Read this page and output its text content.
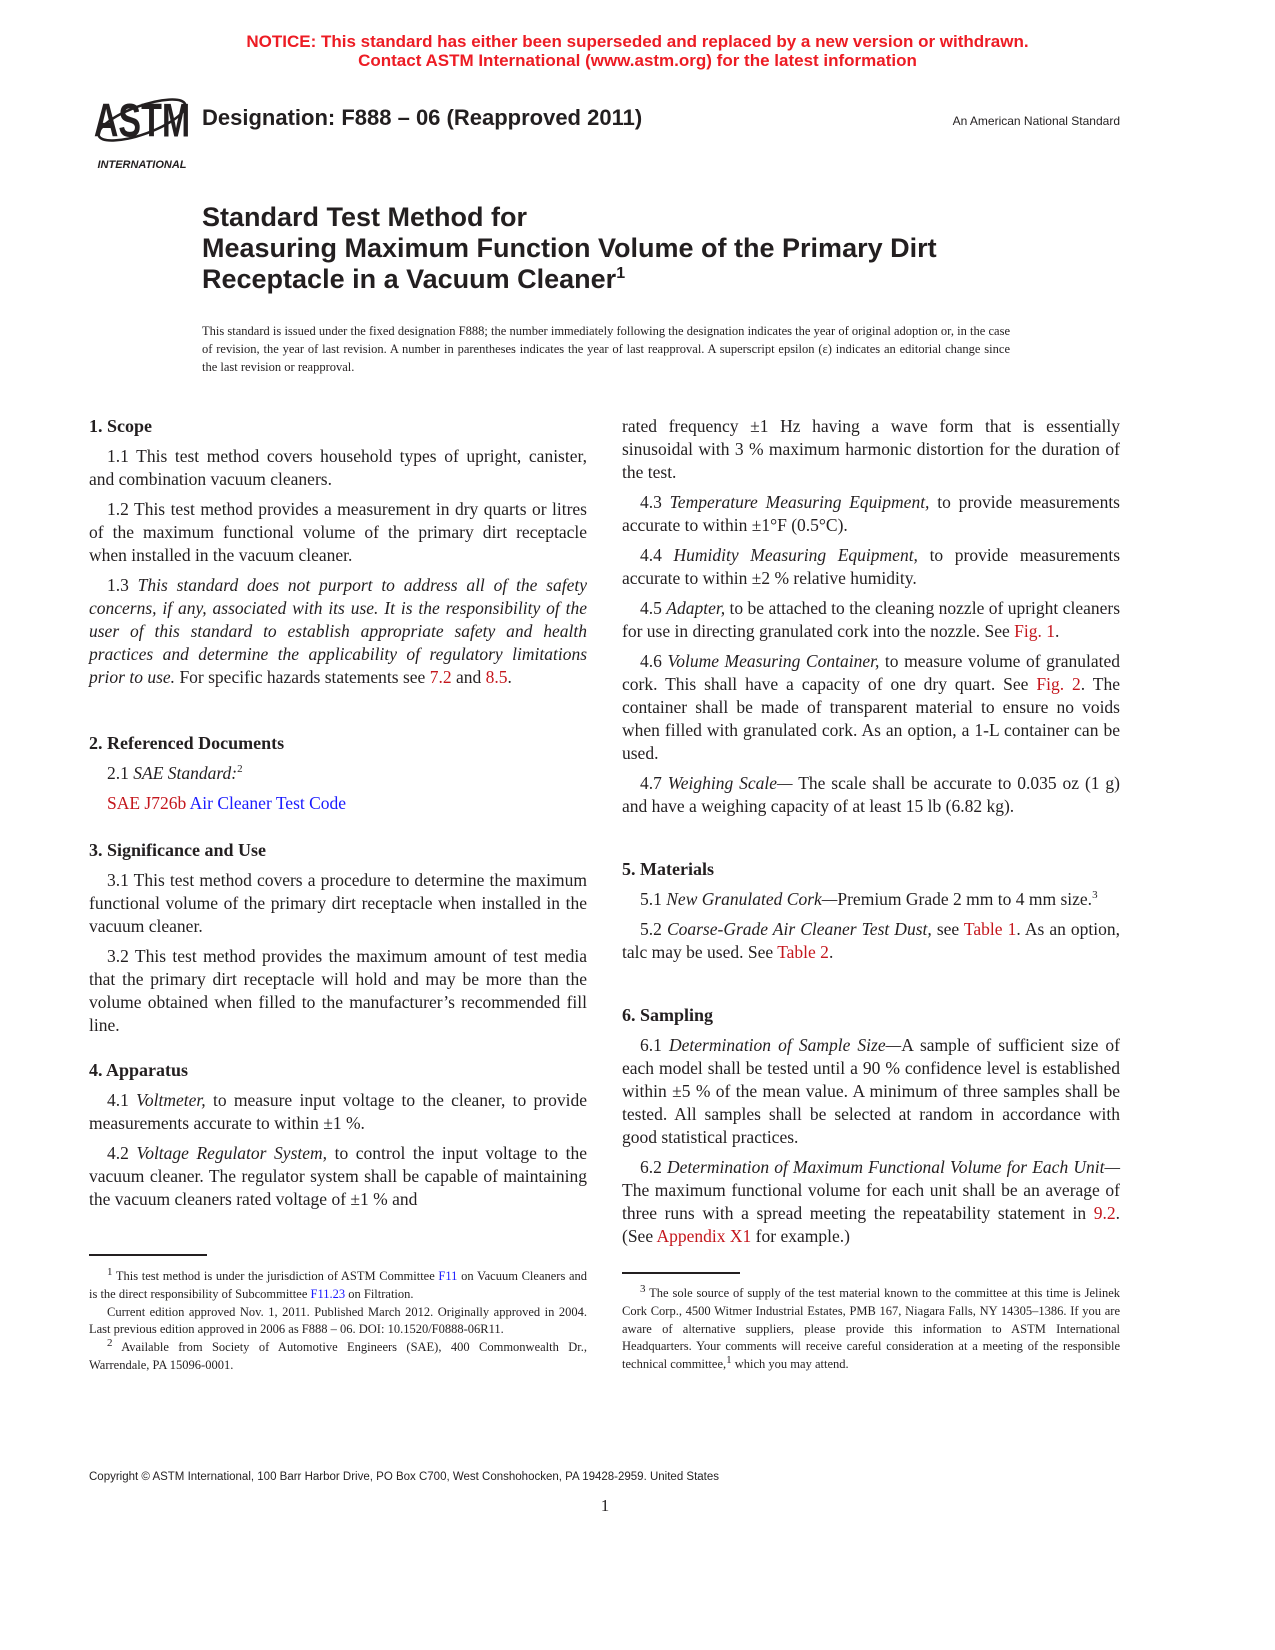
NOTICE: This standard has either been superseded and replaced by a new version or withdrawn.
Contact ASTM International (www.astm.org) for the latest information
ASTM
INTERNATIONAL
Designation: F888 – 06 (Reapproved 2011)	An American National Standard
Standard Test Method for
Measuring Maximum Function Volume of the Primary Dirt
Receptacle in a Vacuum Cleaner$^1$
This standard is issued under the fixed designation F888; the number immediately following the designation indicates the year of original adoption or, in the case of revision, the year of last revision. A number in parentheses indicates the year of last reapproval. A superscript epsilon (ε) indicates an editorial change since the last revision or reapproval.
1. Scope
1.1 This test method covers household types of upright, canister, and combination vacuum cleaners.
1.2 This test method provides a measurement in dry quarts or litres of the maximum functional volume of the primary dirt receptacle when installed in the vacuum cleaner.
1.3 This standard does not purport to address all of the safety concerns, if any, associated with its use. It is the responsibility of the user of this standard to establish appropriate safety and health practices and determine the applicability of regulatory limitations prior to use. For specific hazards statements see 7.2 and 8.5.
2. Referenced Documents
2.1 SAE Standard:$^2$
SAE J726b Air Cleaner Test Code
3. Significance and Use
3.1 This test method covers a procedure to determine the maximum functional volume of the primary dirt receptacle when installed in the vacuum cleaner.
3.2 This test method provides the maximum amount of test media that the primary dirt receptacle will hold and may be more than the volume obtained when filled to the manufacturer’s recommended fill line.
4. Apparatus
4.1 Voltmeter, to measure input voltage to the cleaner, to provide measurements accurate to within ±1 %.
4.2 Voltage Regulator System, to control the input voltage to the vacuum cleaner. The regulator system shall be capable of maintaining the vacuum cleaners rated voltage of ±1 % and
rated frequency ±1 Hz having a wave form that is essentially sinusoidal with 3 % maximum harmonic distortion for the duration of the test.
4.3 Temperature Measuring Equipment, to provide measurements accurate to within ±1°F (0.5°C).
4.4 Humidity Measuring Equipment, to provide measurements accurate to within ±2 % relative humidity.
4.5 Adapter, to be attached to the cleaning nozzle of upright cleaners for use in directing granulated cork into the nozzle. See Fig. 1.
4.6 Volume Measuring Container, to measure volume of granulated cork. This shall have a capacity of one dry quart. See Fig. 2. The container shall be made of transparent material to ensure no voids when filled with granulated cork. As an option, a 1-L container can be used.
4.7 Weighing Scale— The scale shall be accurate to 0.035 oz (1 g) and have a weighing capacity of at least 15 lb (6.82 kg).
5. Materials
5.1 New Granulated Cork—Premium Grade 2 mm to 4 mm size.$^3$
5.2 Coarse-Grade Air Cleaner Test Dust, see Table 1. As an option, talc may be used. See Table 2.
6. Sampling
6.1 Determination of Sample Size—A sample of sufficient size of each model shall be tested until a 90 % confidence level is established within ±5 % of the mean value. A minimum of three samples shall be tested. All samples shall be selected at random in accordance with good statistical practices.
6.2 Determination of Maximum Functional Volume for Each Unit—The maximum functional volume for each unit shall be an average of three runs with a spread meeting the repeatability statement in 9.2. (See Appendix X1 for example.)

$^1$ This test method is under the jurisdiction of ASTM Committee F11 on Vacuum Cleaners and is the direct responsibility of Subcommittee F11.23 on Filtration.

Current edition approved Nov. 1, 2011. Published March 2012. Originally approved in 2004. Last previous edition approved in 2006 as F888 – 06. DOI: 10.1520/F0888-06R11.

$^2$ Available from Society of Automotive Engineers (SAE), 400 Commonwealth Dr., Warrendale, PA 15096-0001.

$^3$ The sole source of supply of the test material known to the committee at this time is Jelinek Cork Corp., 4500 Witmer Industrial Estates, PMB 167, Niagara Falls, NY 14305–1386. If you are aware of alternative suppliers, please provide this information to ASTM International Headquarters. Your comments will receive careful consideration at a meeting of the responsible technical committee,$^1$ which you may attend.

Copyright © ASTM International, 100 Barr Harbor Drive, PO Box C700, West Conshohocken, PA 19428-2959. United States
1
